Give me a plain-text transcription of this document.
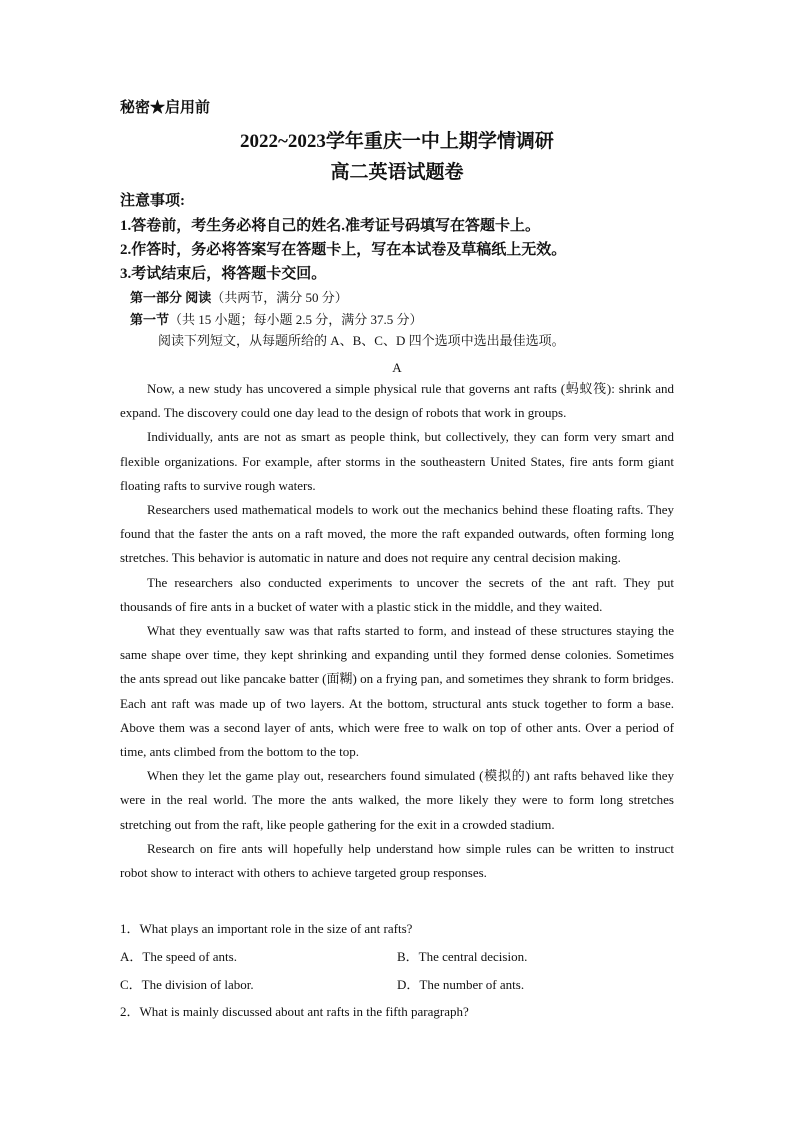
秘密★启用前
2022~2023学年重庆一中上期学情调研
高二英语试题卷
注意事项:
1.答卷前，考生务必将自己的姓名.准考证号码填写在答题卡上。
2.作答时，务必将答案写在答题卡上，写在本试卷及草稿纸上无效。
3.考试结束后，将答题卡交回。
第一部分 阅读（共两节，满分 50 分）
第一节（共 15 小题；每小题 2.5 分，满分 37.5 分）
阅读下列短文，从每题所给的 A、B、C、D 四个选项中选出最佳选项。
A

Now, a new study has uncovered a simple physical rule that governs ant rafts (蚂蚁筏): shrink and expand. The discovery could one day lead to the design of robots that work in groups.

Individually, ants are not as smart as people think, but collectively, they can form very smart and flexible organizations. For example, after storms in the southeastern United States, fire ants form giant floating rafts to survive rough waters.

Researchers used mathematical models to work out the mechanics behind these floating rafts. They found that the faster the ants on a raft moved, the more the raft expanded outwards, often forming long stretches. This behavior is automatic in nature and does not require any central decision making.

The researchers also conducted experiments to uncover the secrets of the ant raft. They put thousands of fire ants in a bucket of water with a plastic stick in the middle, and they waited.

What they eventually saw was that rafts started to form, and instead of these structures staying the same shape over time, they kept shrinking and expanding until they formed dense colonies. Sometimes the ants spread out like pancake batter (面糊) on a frying pan, and sometimes they shrank to form bridges. Each ant raft was made up of two layers. At the bottom, structural ants stuck together to form a base. Above them was a second layer of ants, which were free to walk on top of other ants. Over a period of time, ants climbed from the bottom to the top.

When they let the game play out, researchers found simulated (模拟的) ant rafts behaved like they were in the real world. The more the ants walked, the more likely they were to form long stretches stretching out from the raft, like people gathering for the exit in a crowded stadium.

Research on fire ants will hopefully help understand how simple rules can be written to instruct robot show to interact with others to achieve targeted group responses.

1．What plays an important role in the size of ant rafts?
A．The speed of ants.	B．The central decision.
C．The division of labor.	D．The number of ants.
2．What is mainly discussed about ant rafts in the fifth paragraph?
